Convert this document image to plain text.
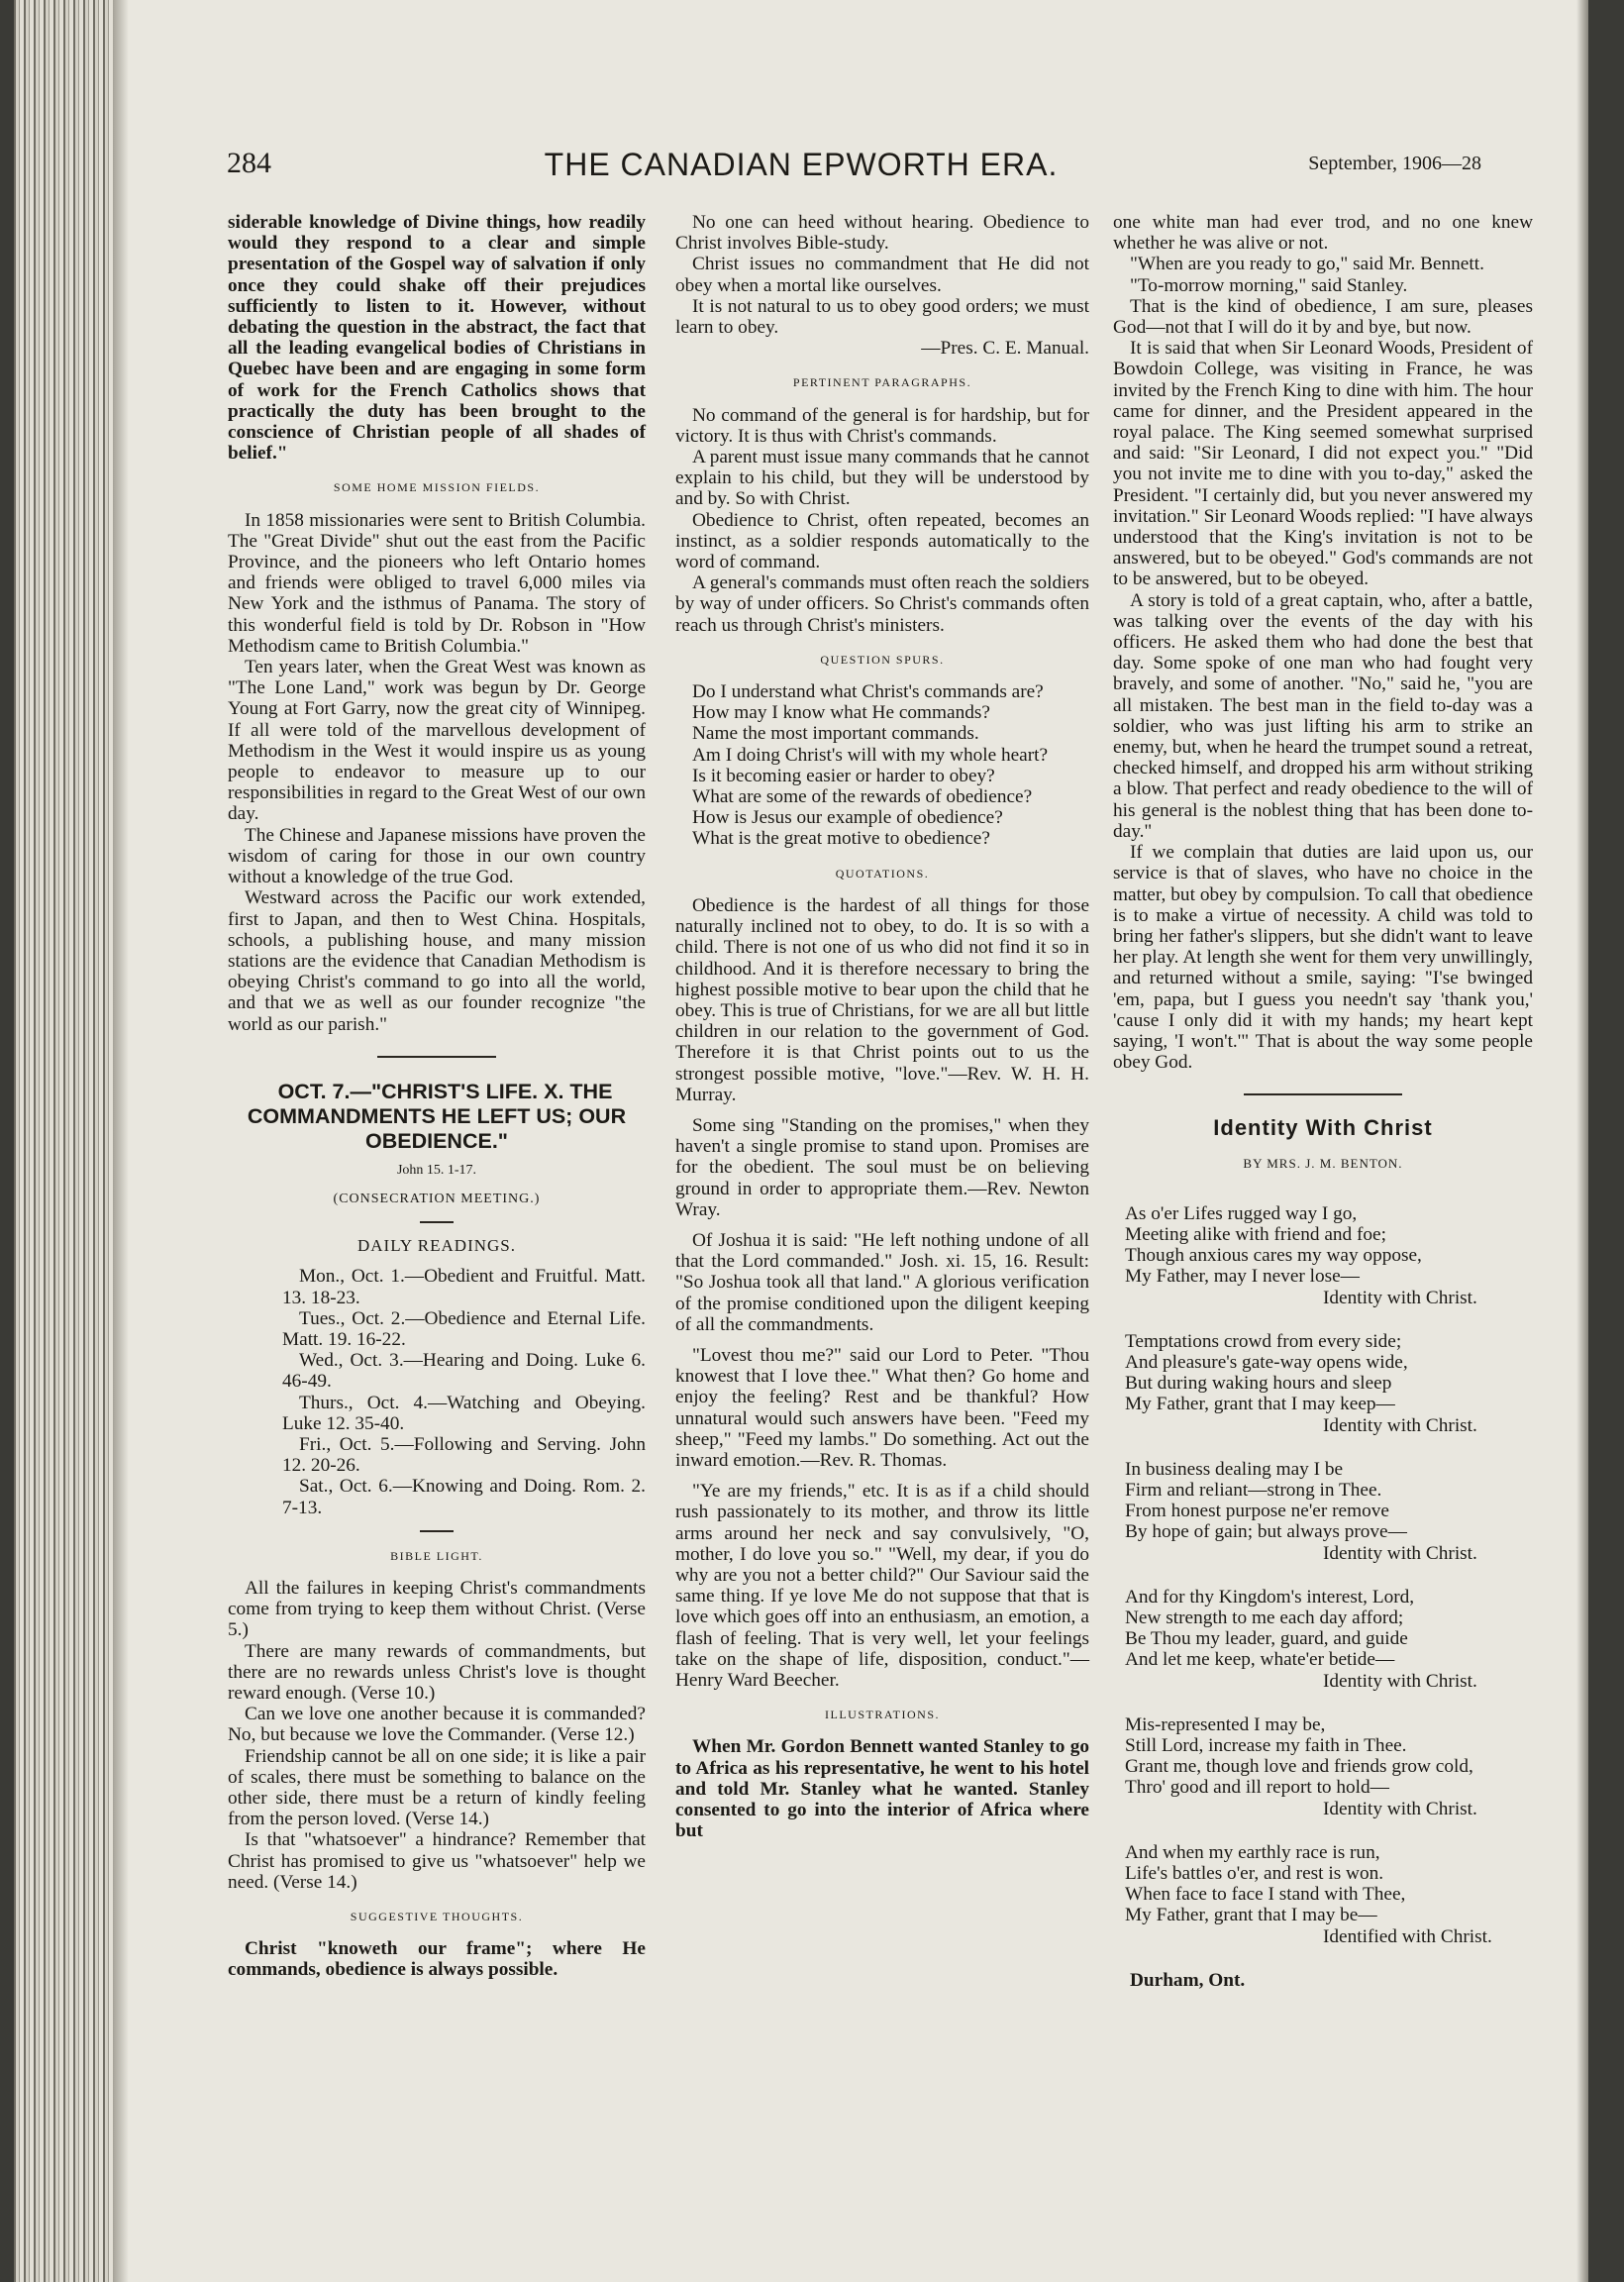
284	THE CANADIAN EPWORTH ERA.	September, 1906—28

siderable knowledge of Divine things, how readily would they respond to a clear and simple presentation of the Gospel way of salvation if only once they could shake off their prejudices sufficiently to listen to it. However, without debating the question in the abstract, the fact that all the leading evangelical bodies of Christians in Quebec have been and are engaging in some form of work for the French Catholics shows that practically the duty has been brought to the conscience of Christian people of all shades of belief."

SOME HOME MISSION FIELDS.

In 1858 missionaries were sent to British Columbia. The "Great Divide" shut out the east from the Pacific Province, and the pioneers who left Ontario homes and friends were obliged to travel 6,000 miles via New York and the isthmus of Panama. The story of this wonderful field is told by Dr. Robson in "How Methodism came to British Columbia."

Ten years later, when the Great West was known as "The Lone Land," work was begun by Dr. George Young at Fort Garry, now the great city of Winnipeg. If all were told of the marvellous development of Methodism in the West it would inspire us as young people to endeavor to measure up to our responsibilities in regard to the Great West of our own day.

The Chinese and Japanese missions have proven the wisdom of caring for those in our own country without a knowledge of the true God.

Westward across the Pacific our work extended, first to Japan, and then to West China. Hospitals, schools, a publishing house, and many mission stations are the evidence that Canadian Methodism is obeying Christ's command to go into all the world, and that we as well as our founder recognize "the world as our parish."

OCT. 7.—"CHRIST'S LIFE. X. THE COMMANDMENTS HE LEFT US; OUR OBEDIENCE."

John 15. 1-17.
(CONSECRATION MEETING.)
DAILY READINGS.

Mon., Oct. 1.—Obedient and Fruitful. Matt. 13. 18-23.

Tues., Oct. 2.—Obedience and Eternal Life. Matt. 19. 16-22.

Wed., Oct. 3.—Hearing and Doing. Luke 6. 46-49.

Thurs., Oct. 4.—Watching and Obeying. Luke 12. 35-40.

Fri., Oct. 5.—Following and Serving. John 12. 20-26.

Sat., Oct. 6.—Knowing and Doing. Rom. 2. 7-13.

BIBLE LIGHT.

All the failures in keeping Christ's commandments come from trying to keep them without Christ. (Verse 5.)

There are many rewards of commandments, but there are no rewards unless Christ's love is thought reward enough. (Verse 10.)

Can we love one another because it is commanded? No, but because we love the Commander. (Verse 12.)

Friendship cannot be all on one side; it is like a pair of scales, there must be something to balance on the other side, there must be a return of kindly feeling from the person loved. (Verse 14.)

Is that "whatsoever" a hindrance? Remember that Christ has promised to give us "whatsoever" help we need. (Verse 14.)

SUGGESTIVE THOUGHTS.

Christ "knoweth our frame"; where He commands, obedience is always possible.

No one can heed without hearing. Obedience to Christ involves Bible-study.

Christ issues no commandment that He did not obey when a mortal like ourselves.

It is not natural to us to obey good orders; we must learn to obey.

—Pres. C. E. Manual.

PERTINENT PARAGRAPHS.

No command of the general is for hardship, but for victory. It is thus with Christ's commands.

A parent must issue many commands that he cannot explain to his child, but they will be understood by and by. So with Christ.

Obedience to Christ, often repeated, becomes an instinct, as a soldier responds automatically to the word of command.

A general's commands must often reach the soldiers by way of under officers. So Christ's commands often reach us through Christ's ministers.

QUESTION SPURS.

Do I understand what Christ's commands are?

How may I know what He commands?

Name the most important commands.

Am I doing Christ's will with my whole heart?

Is it becoming easier or harder to obey?

What are some of the rewards of obedience?

How is Jesus our example of obedience?

What is the great motive to obedience?

QUOTATIONS.

Obedience is the hardest of all things for those naturally inclined not to obey, to do. It is so with a child. There is not one of us who did not find it so in childhood. And it is therefore necessary to bring the highest possible motive to bear upon the child that he obey. This is true of Christians, for we are all but little children in our relation to the government of God. Therefore it is that Christ points out to us the strongest possible motive, "love."—Rev. W. H. H. Murray.

Some sing "Standing on the promises," when they haven't a single promise to stand upon. Promises are for the obedient. The soul must be on believing ground in order to appropriate them.—Rev. Newton Wray.

Of Joshua it is said: "He left nothing undone of all that the Lord commanded." Josh. xi. 15, 16. Result: "So Joshua took all that land." A glorious verification of the promise conditioned upon the diligent keeping of all the commandments.

"Lovest thou me?" said our Lord to Peter. "Thou knowest that I love thee." What then? Go home and enjoy the feeling? Rest and be thankful? How unnatural would such answers have been. "Feed my sheep," "Feed my lambs." Do something. Act out the inward emotion.—Rev. R. Thomas.

"Ye are my friends," etc. It is as if a child should rush passionately to its mother, and throw its little arms around her neck and say convulsively, "O, mother, I do love you so." "Well, my dear, if you do why are you not a better child?" Our Saviour said the same thing. If ye love Me do not suppose that that is love which goes off into an enthusiasm, an emotion, a flash of feeling. That is very well, let your feelings take on the shape of life, disposition, conduct."—Henry Ward Beecher.

ILLUSTRATIONS.

When Mr. Gordon Bennett wanted Stanley to go to Africa as his representative, he went to his hotel and told Mr. Stanley what he wanted. Stanley consented to go into the interior of Africa where but

one white man had ever trod, and no one knew whether he was alive or not.

"When are you ready to go," said Mr. Bennett.

"To-morrow morning," said Stanley.

That is the kind of obedience, I am sure, pleases God—not that I will do it by and bye, but now.

It is said that when Sir Leonard Woods, President of Bowdoin College, was visiting in France, he was invited by the French King to dine with him. The hour came for dinner, and the President appeared in the royal palace. The King seemed somewhat surprised and said: "Sir Leonard, I did not expect you." "Did you not invite me to dine with you to-day," asked the President. "I certainly did, but you never answered my invitation." Sir Leonard Woods replied: "I have always understood that the King's invitation is not to be answered, but to be obeyed." God's commands are not to be answered, but to be obeyed.

A story is told of a great captain, who, after a battle, was talking over the events of the day with his officers. He asked them who had done the best that day. Some spoke of one man who had fought very bravely, and some of another. "No," said he, "you are all mistaken. The best man in the field to-day was a soldier, who was just lifting his arm to strike an enemy, but, when he heard the trumpet sound a retreat, checked himself, and dropped his arm without striking a blow. That perfect and ready obedience to the will of his general is the noblest thing that has been done to-day."

If we complain that duties are laid upon us, our service is that of slaves, who have no choice in the matter, but obey by compulsion. To call that obedience is to make a virtue of necessity. A child was told to bring her father's slippers, but she didn't want to leave her play. At length she went for them very unwillingly, and returned without a smile, saying: "I'se bwinged 'em, papa, but I guess you needn't say 'thank you,' 'cause I only did it with my hands; my heart kept saying, 'I won't.'" That is about the way some people obey God.

Identity With Christ
BY MRS. J. M. BENTON.
As o'er Lifes rugged way I go,
Meeting alike with friend and foe;
Though anxious cares my way oppose,
My Father, may I never lose—
Identity with Christ.
Temptations crowd from every side;
And pleasure's gate-way opens wide,
But during waking hours and sleep
My Father, grant that I may keep—
Identity with Christ.
In business dealing may I be
Firm and reliant—strong in Thee.
From honest purpose ne'er remove
By hope of gain; but always prove—
Identity with Christ.
And for thy Kingdom's interest, Lord,
New strength to me each day afford;
Be Thou my leader, guard, and guide
And let me keep, whate'er betide—
Identity with Christ.
Mis-represented I may be,
Still Lord, increase my faith in Thee.
Grant me, though love and friends grow cold,
Thro' good and ill report to hold—
Identity with Christ.
And when my earthly race is run,
Life's battles o'er, and rest is won.
When face to face I stand with Thee,
My Father, grant that I may be—
Identified with Christ.

Durham, Ont.
